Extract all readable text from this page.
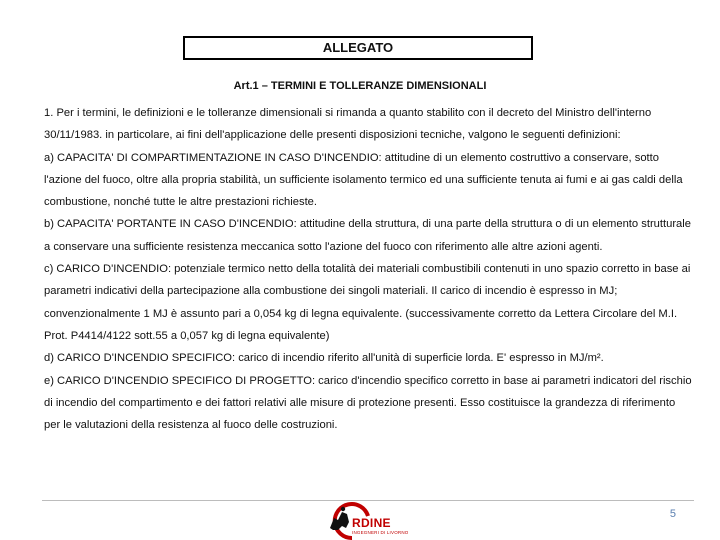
ALLEGATO
Art.1 – TERMINI E TOLLERANZE DIMENSIONALI

1. Per i termini, le definizioni e le tolleranze dimensionali si rimanda a quanto stabilito con il decreto del Ministro dell'interno 30/11/1983. in particolare, ai fini dell'applicazione delle presenti disposizioni tecniche, valgono le seguenti definizioni:

a) CAPACITA' DI COMPARTIMENTAZIONE IN CASO D'INCENDIO: attitudine di un elemento costruttivo a conservare, sotto l'azione del fuoco, oltre alla propria stabilità, un sufficiente isolamento termico ed una sufficiente tenuta ai fumi e ai gas caldi della combustione, nonché tutte le altre prestazioni richieste.

b) CAPACITA' PORTANTE IN CASO D'INCENDIO: attitudine della struttura, di una parte della struttura o di un elemento strutturale a conservare una sufficiente resistenza meccanica sotto l'azione del fuoco con riferimento alle altre azioni agenti.

c) CARICO D'INCENDIO: potenziale termico netto della totalità dei materiali combustibili contenuti in uno spazio corretto in base ai parametri indicativi della partecipazione alla combustione dei singoli materiali. Il carico di incendio è espresso in MJ; convenzionalmente 1 MJ è assunto pari a 0,054 kg di legna equivalente. (successivamente corretto da Lettera Circolare del M.I. Prot. P4414/4122 sott.55 a 0,057 kg di legna equivalente)

d) CARICO D'INCENDIO SPECIFICO: carico di incendio riferito all'unità di superficie lorda. E' espresso in MJ/m².

e) CARICO D'INCENDIO SPECIFICO DI PROGETTO: carico d'incendio specifico corretto in base ai parametri indicatori del rischio di incendio del compartimento e dei fattori relativi alle misure di protezione presenti. Esso costituisce la grandezza di riferimento per le valutazioni della resistenza al fuoco delle costruzioni.

RDINE
INGEGNERI DI LIVORNO
5
